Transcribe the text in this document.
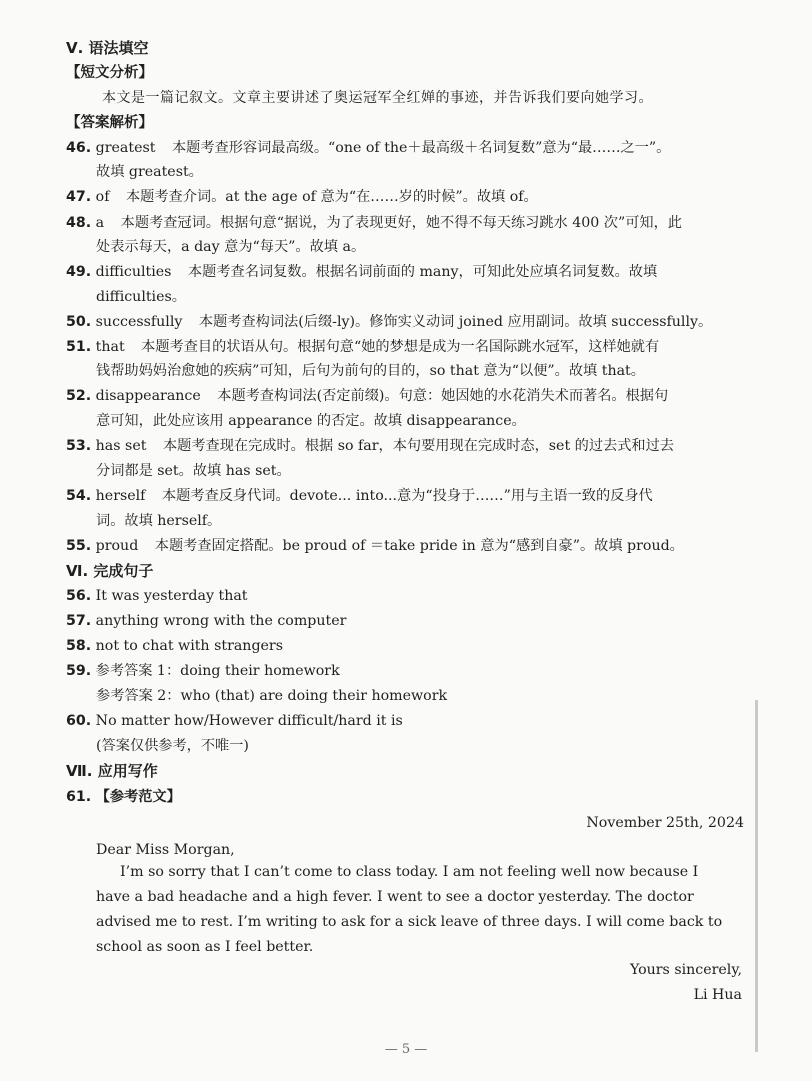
Ⅴ. 语法填空
【短文分析】
本文是一篇记叙文。文章主要讲述了奥运冠军全红婵的事迹，并告诉我们要向她学习。
【答案解析】
46. greatest 本题考查形容词最高级。“one of the＋最高级＋名词复数”意为“最……之一”。
故填 greatest。
47. of 本题考查介词。at the age of 意为“在……岁的时候”。故填 of。
48. a 本题考查冠词。根据句意“据说，为了表现更好，她不得不每天练习跳水 400 次”可知，此
处表示每天，a day 意为“每天”。故填 a。
49. difficulties 本题考查名词复数。根据名词前面的 many，可知此处应填名词复数。故填
difficulties。
50. successfully 本题考查构词法(后缀-ly)。修饰实义动词 joined 应用副词。故填 successfully。
51. that 本题考查目的状语从句。根据句意“她的梦想是成为一名国际跳水冠军，这样她就有
钱帮助妈妈治愈她的疾病”可知，后句为前句的目的，so that 意为“以便”。故填 that。
52. disappearance 本题考查构词法(否定前缀)。句意：她因她的水花消失术而著名。根据句
意可知，此处应该用 appearance 的否定。故填 disappearance。
53. has set 本题考查现在完成时。根据 so far，本句要用现在完成时态，set 的过去式和过去
分词都是 set。故填 has set。
54. herself 本题考查反身代词。devote... into...意为“投身于……”用与主语一致的反身代
词。故填 herself。
55. proud 本题考查固定搭配。be proud of ＝take pride in 意为“感到自豪”。故填 proud。
Ⅵ. 完成句子
56. It was yesterday that
57. anything wrong with the computer
58. not to chat with strangers
59. 参考答案 1：doing their homework
参考答案 2：who (that) are doing their homework
60. No matter how/However difficult/hard it is
(答案仅供参考，不唯一)
Ⅶ. 应用写作
61. 【参考范文】
November 25th, 2024
Dear Miss Morgan,
I’m so sorry that I can’t come to class today. I am not feeling well now because I
have a bad headache and a high fever. I went to see a doctor yesterday. The doctor
advised me to rest. I’m writing to ask for a sick leave of three days. I will come back to
school as soon as I feel better.
Yours sincerely,
Li Hua
— 5 —
